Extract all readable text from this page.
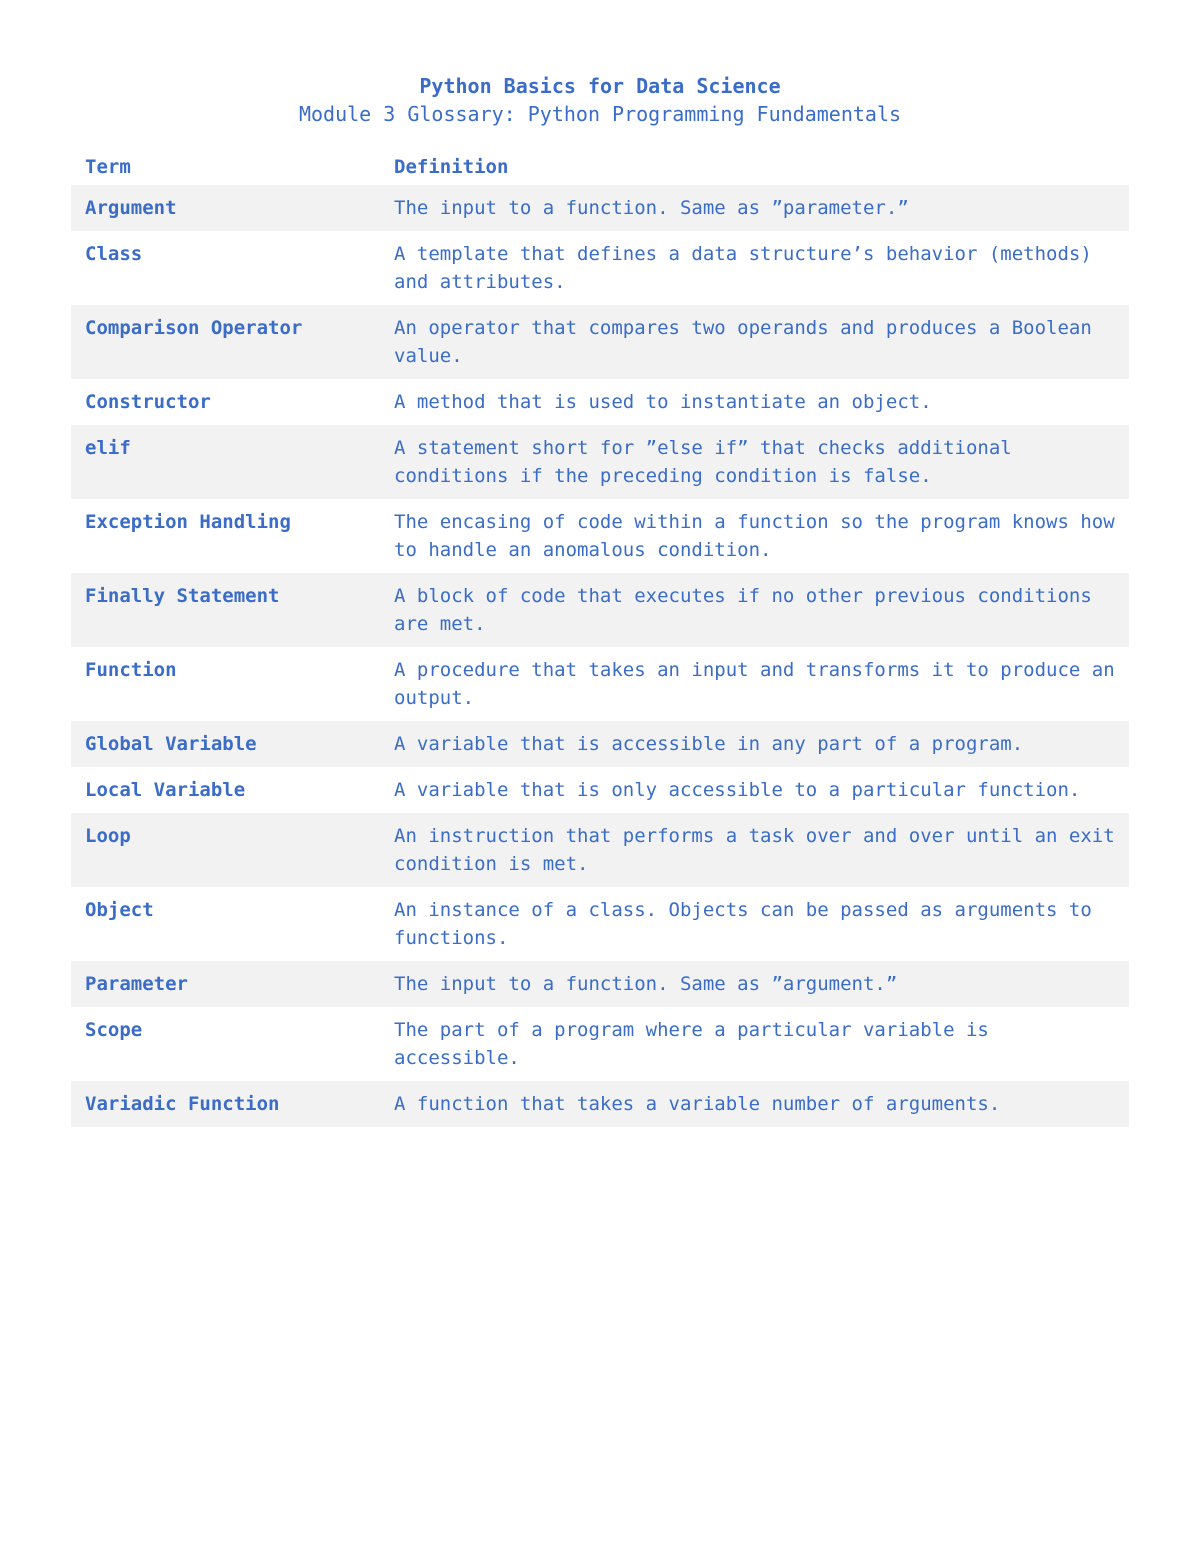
Python Basics for Data Science
Module 3 Glossary: Python Programming Fundamentals
Term	Definition
Argument	The input to a function. Same as ”parameter.”
Class	A template that defines a data structure’s behavior (methods) and attributes.
Comparison Operator	An operator that compares two operands and produces a Boolean value.
Constructor	A method that is used to instantiate an object.
elif	A statement short for ”else if” that checks additional conditions if the preceding condition is false.
Exception Handling	The encasing of code within a function so the program knows how to handle an anomalous condition.
Finally Statement	A block of code that executes if no other previous conditions are met.
Function	A procedure that takes an input and transforms it to produce an output.
Global Variable	A variable that is accessible in any part of a program.
Local Variable	A variable that is only accessible to a particular function.
Loop	An instruction that performs a task over and over until an exit condition is met.
Object	An instance of a class. Objects can be passed as arguments to functions.
Parameter	The input to a function. Same as ”argument.”
Scope	The part of a program where a particular variable is accessible.
Variadic Function	A function that takes a variable number of arguments.
